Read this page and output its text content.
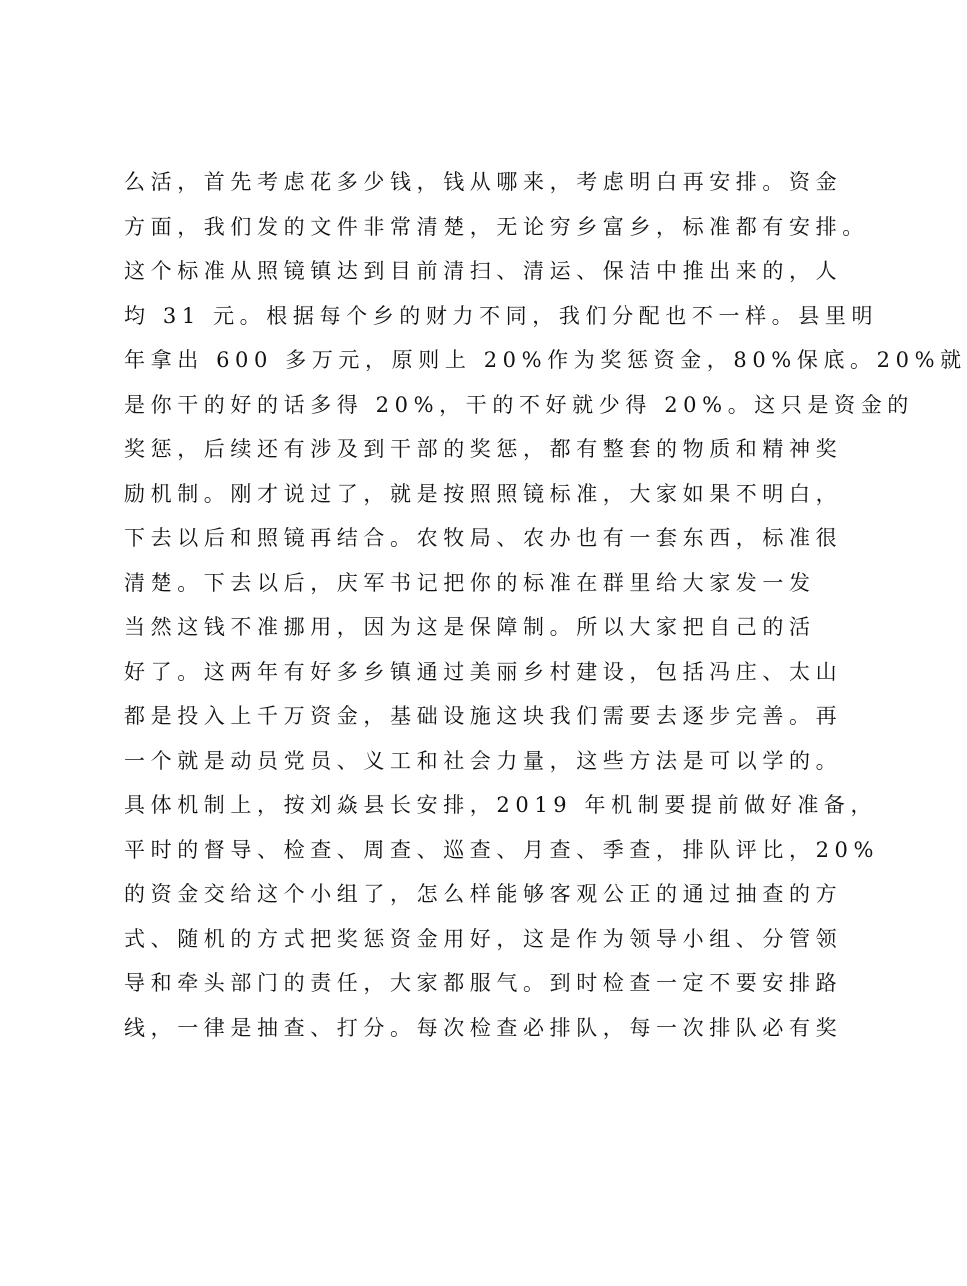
么活，首先考虑花多少钱，钱从哪来，考虑明白再安排。资金
方面，我们发的文件非常清楚，无论穷乡富乡，标准都有安排。
这个标准从照镜镇达到目前清扫、清运、保洁中推出来的，人
均 31 元。根据每个乡的财力不同，我们分配也不一样。县里明
年拿出 600 多万元，原则上 20%作为奖惩资金，80%保底。20%就
是你干的好的话多得 20%，干的不好就少得 20%。这只是资金的
奖惩，后续还有涉及到干部的奖惩，都有整套的物质和精神奖
励机制。刚才说过了，就是按照照镜标准，大家如果不明白，
下去以后和照镜再结合。农牧局、农办也有一套东西，标准很
清楚。下去以后，庆军书记把你的标准在群里给大家发一发
当然这钱不准挪用，因为这是保障制。所以大家把自己的活
好了。这两年有好多乡镇通过美丽乡村建设，包括冯庄、太山
都是投入上千万资金，基础设施这块我们需要去逐步完善。再
一个就是动员党员、义工和社会力量，这些方法是可以学的。
具体机制上，按刘焱县长安排，2019 年机制要提前做好准备，
平时的督导、检查、周查、巡查、月查、季查，排队评比，20%
的资金交给这个小组了，怎么样能够客观公正的通过抽查的方
式、随机的方式把奖惩资金用好，这是作为领导小组、分管领
导和牵头部门的责任，大家都服气。到时检查一定不要安排路
线，一律是抽查、打分。每次检查必排队，每一次排队必有奖
